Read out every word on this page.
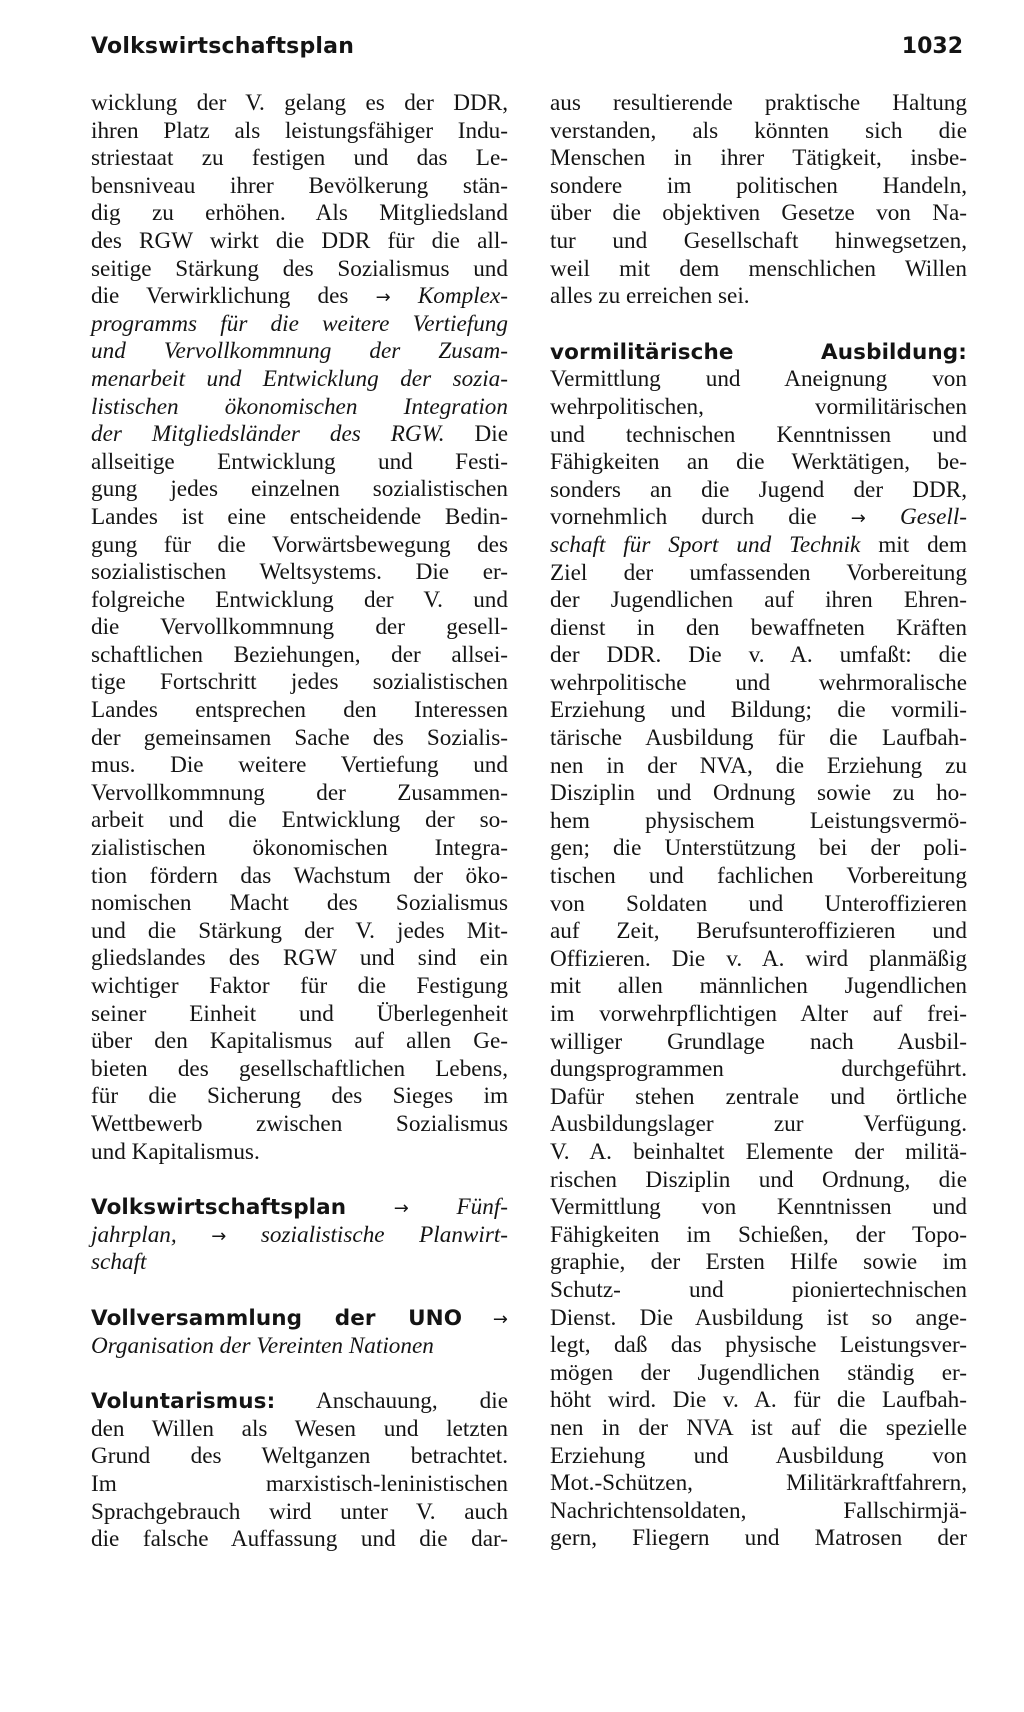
Volkswirtschaftsplan	1032
wicklung der V. gelang es der DDR,
ihren Platz als leistungsfähiger Indu-
striestaat zu festigen und das Le-
bensniveau ihrer Bevölkerung stän-
dig zu erhöhen. Als Mitgliedsland
des RGW wirkt die DDR für die all-
seitige Stärkung des Sozialismus und
die Verwirklichung des → Komplex-
programms für die weitere Vertiefung
und Vervollkommnung der Zusam-
menarbeit und Entwicklung der sozia-
listischen ökonomischen Integration
der Mitgliedsländer des RGW. Die
allseitige Entwicklung und Festi-
gung jedes einzelnen sozialistischen
Landes ist eine entscheidende Bedin-
gung für die Vorwärtsbewegung des
sozialistischen Weltsystems. Die er-
folgreiche Entwicklung der V. und
die Vervollkommnung der gesell-
schaftlichen Beziehungen, der allsei-
tige Fortschritt jedes sozialistischen
Landes entsprechen den Interessen
der gemeinsamen Sache des Sozialis-
mus. Die weitere Vertiefung und
Vervollkommnung der Zusammen-
arbeit und die Entwicklung der so-
zialistischen ökonomischen Integra-
tion fördern das Wachstum der öko-
nomischen Macht des Sozialismus
und die Stärkung der V. jedes Mit-
gliedslandes des RGW und sind ein
wichtiger Faktor für die Festigung
seiner Einheit und Überlegenheit
über den Kapitalismus auf allen Ge-
bieten des gesellschaftlichen Lebens,
für die Sicherung des Sieges im
Wettbewerb zwischen Sozialismus
und Kapitalismus.
Volkswirtschaftsplan	→ Fünf-
jahrplan, → sozialistische Planwirt-
schaft
Vollversammlung der UNO →
Organisation der Vereinten Nationen
Voluntarismus: Anschauung, die
den Willen als Wesen und letzten
Grund des Weltganzen betrachtet.
Im marxistisch-leninistischen
Sprachgebrauch wird unter V. auch
die falsche Auffassung und die dar-
aus resultierende praktische Haltung
verstanden, als könnten sich die
Menschen in ihrer Tätigkeit, insbe-
sondere im politischen Handeln,
über die objektiven Gesetze von Na-
tur und Gesellschaft hinwegsetzen,
weil mit dem menschlichen Willen
alles zu erreichen sei.
vormilitärische	Ausbildung:
Vermittlung und Aneignung von
wehrpolitischen, vormilitärischen
und technischen Kenntnissen und
Fähigkeiten an die Werktätigen, be-
sonders an die Jugend der DDR,
vornehmlich durch die → Gesell-
schaft für Sport und Technik mit dem
Ziel der umfassenden Vorbereitung
der Jugendlichen auf ihren Ehren-
dienst in den bewaffneten Kräften
der DDR. Die v. A. umfaßt: die
wehrpolitische und wehrmoralische
Erziehung und Bildung; die vormili-
tärische Ausbildung für die Laufbah-
nen in der NVA, die Erziehung zu
Disziplin und Ordnung sowie zu ho-
hem physischem Leistungsvermö-
gen; die Unterstützung bei der poli-
tischen und fachlichen Vorbereitung
von Soldaten und Unteroffizieren
auf Zeit, Berufsunteroffizieren und
Offizieren. Die v. A. wird planmäßig
mit allen männlichen Jugendlichen
im vorwehrpflichtigen Alter auf frei-
williger Grundlage nach Ausbil-
dungsprogrammen durchgeführt.
Dafür stehen zentrale und örtliche
Ausbildungslager zur Verfügung.
V. A. beinhaltet Elemente der militä-
rischen Disziplin und Ordnung, die
Vermittlung von Kenntnissen und
Fähigkeiten im Schießen, der Topo-
graphie, der Ersten Hilfe sowie im
Schutz- und pioniertechnischen
Dienst. Die Ausbildung ist so ange-
legt, daß das physische Leistungsver-
mögen der Jugendlichen ständig er-
höht wird. Die v. A. für die Laufbah-
nen in der NVA ist auf die spezielle
Erziehung und Ausbildung von
Mot.-Schützen, Militärkraftfahrern,
Nachrichtensoldaten, Fallschirmjä-
gern, Fliegern und Matrosen der
